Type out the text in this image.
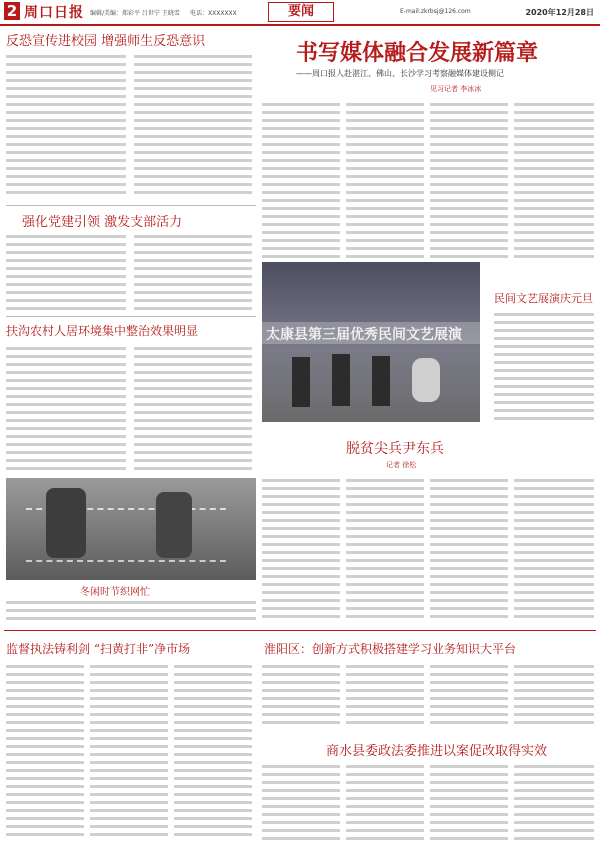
2 周口日报 编辑/美编：郑彩平 吕世宁 王晓雪 电话：XXXXXXX	要闻	E-mail:zkrbsj@126.com	2020年12月28日
反恐宣传进校园 增强师生反恐意识
强化党建引领 激发支部活力
扶沟农村人居环境集中整治效果明显
冬闲时节织网忙
书写媒体融合发展新篇章
——周口报人赴湛江、佛山、长沙学习考察融媒体建设侧记
见习记者 李冰冰
太康县第三届优秀民间文艺展演
民间文艺展演庆元旦
脱贫尖兵尹东兵
记者 徐松
监督执法铸利剑 “扫黄打非”净市场	淮阳区：创新方式积极搭建学习业务知识大平台
商水县委政法委推进以案促改取得实效
